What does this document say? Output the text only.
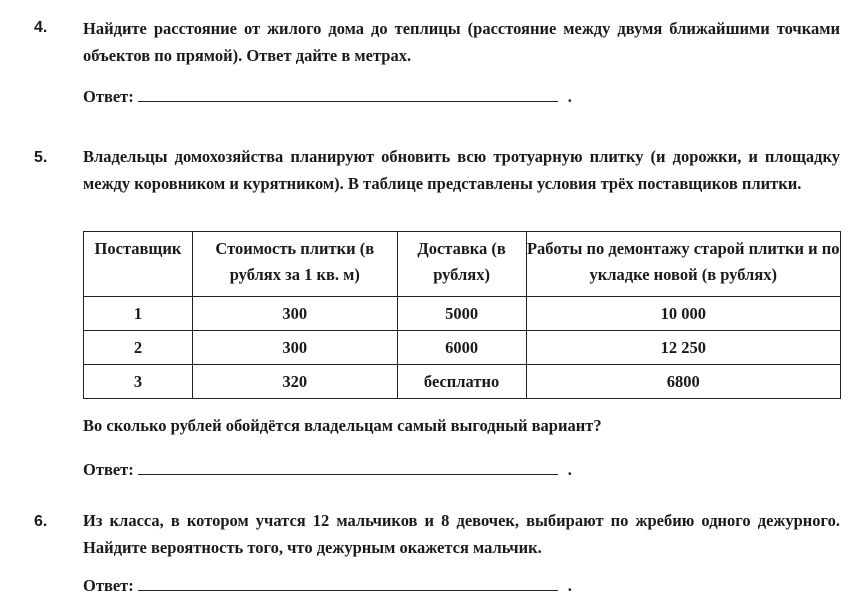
4. Найдите расстояние от жилого дома до теплицы (расстояние между двумя ближайшими точками объектов по прямой). Ответ дайте в метрах.
Ответ:	.
5. Владельцы домохозяйства планируют обновить всю тротуарную плитку (и дорожки, и площадку между коровником и курятником). В таблице представлены условия трёх поставщиков плитки.
Поставщик	Стоимость плитки (в рублях за 1 кв. м)	Доставка (в рублях)	Работы по демонтажу старой плитки и по укладке новой (в рублях)
1	300	5000	10 000
2	300	6000	12 250
3	320	бесплатно	6800
Во сколько рублей обойдётся владельцам самый выгодный вариант?
Ответ:	.
6. Из класса, в котором учатся 12 мальчиков и 8 девочек, выбирают по жребию одного дежурного. Найдите вероятность того, что дежурным окажется мальчик.
Ответ:	.
